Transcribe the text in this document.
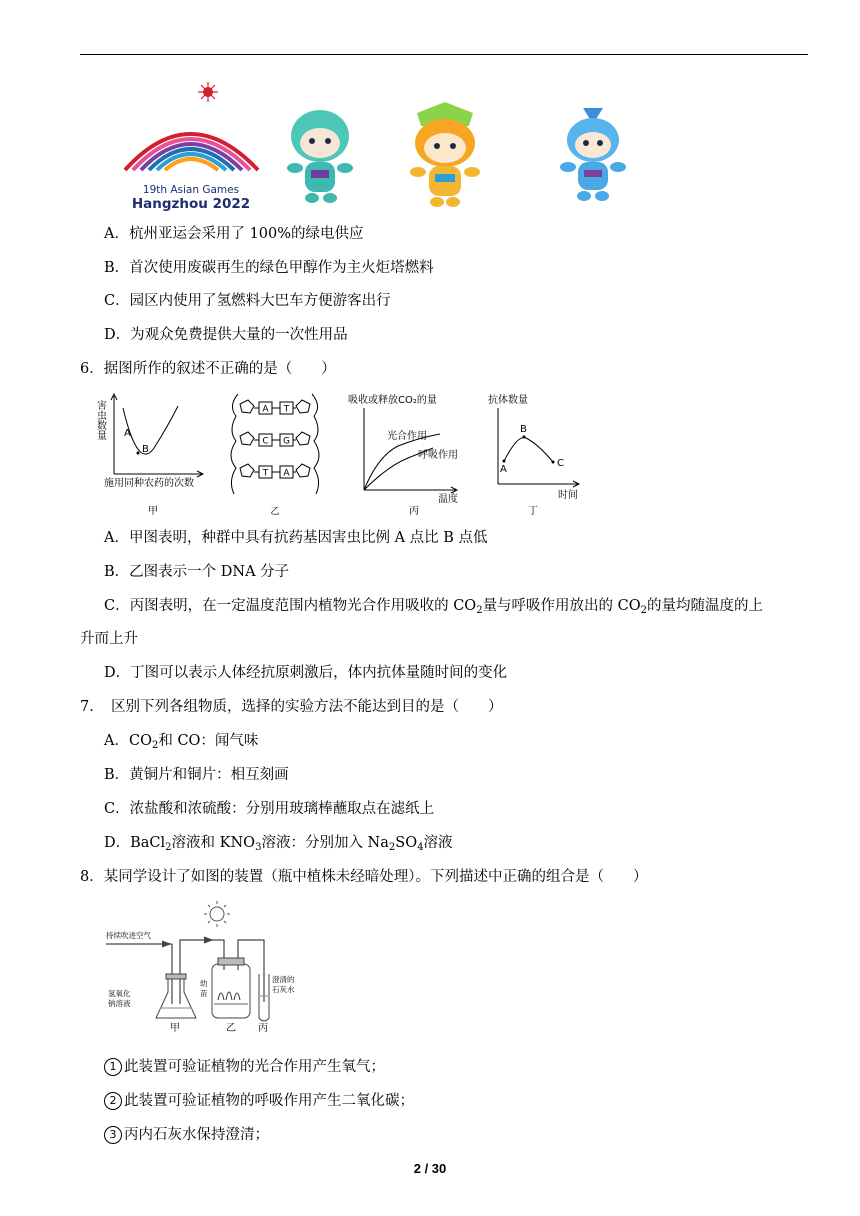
19th Asian Games
Hangzhou 2022
A．杭州亚运会采用了 100%的绿电供应
B．首次使用废碳再生的绿色甲醇作为主火炬塔燃料
C．园区内使用了氢燃料大巴车方便游客出行
D．为观众免费提供大量的一次性用品
6．据图所作的叙述不正确的是（　　）
害虫数量 A
B
施用同种农药的次数
甲
A T
C G
T A
乙
吸收或释放CO₂的量
光合作用
呼吸作用
温度
丙
抗体数量
A
B
C
时间
丁
A．甲图表明，种群中具有抗药基因害虫比例 A 点比 B 点低
B．乙图表示一个 DNA 分子
C．丙图表明，在一定温度范围内植物光合作用吸收的 $CO_2$量与呼吸作用放出的 $CO_2$的量均随温度的上
升而上升
D．丁图可以表示人体经抗原刺激后，体内抗体量随时间的变化
7．　区别下列各组物质，选择的实验方法不能达到目的是（　　）
A．$CO_2$和 CO：闻气味
B．黄铜片和铜片：相互刻画
C．浓盐酸和浓硫酸：分别用玻璃棒蘸取点在滤纸上
D．BaCl$_2$溶液和 $KNO_3$溶液：分别加入 $Na_2SO_4$溶液
8．某同学设计了如图的装置（瓶中植株未经暗处理）。下列描述中正确的组合是（　　）
持续吹进空气
氢氧化
钠溶液
幼
苗
澄清的
石灰水
甲	乙 丙
1 此装置可验证植物的光合作用产生氧气；
2 此装置可验证植物的呼吸作用产生二氧化碳；
3 丙内石灰水保持澄清；
2 / 30
